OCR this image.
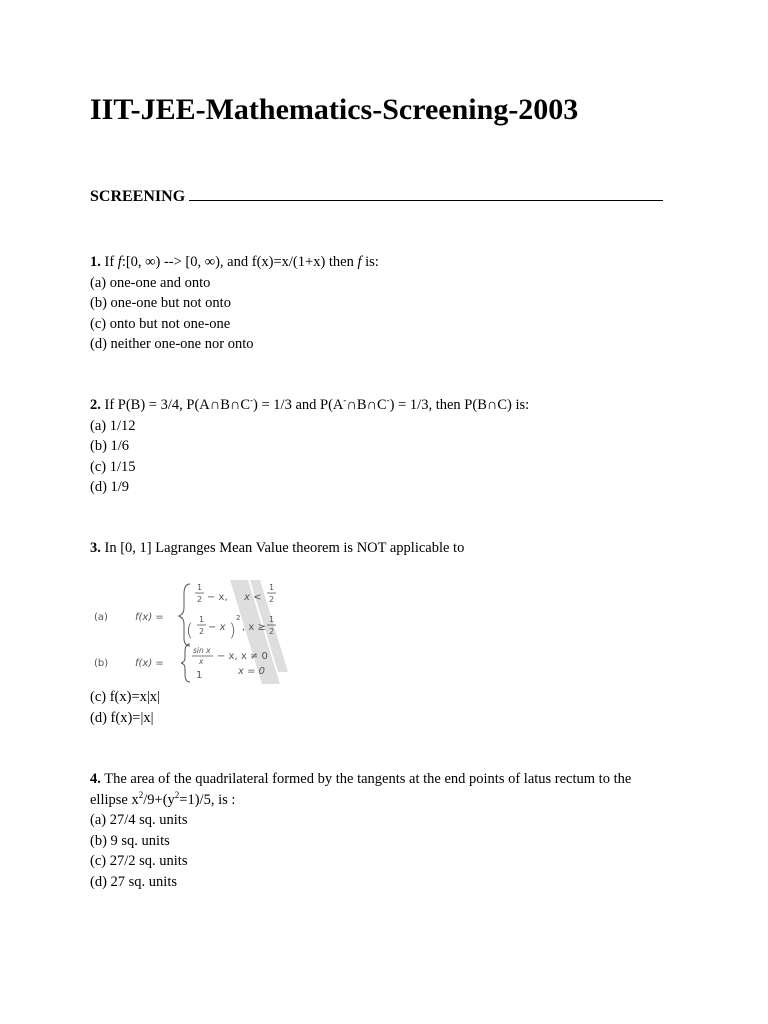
IIT-JEE-Mathematics-Screening-2003
SCREENING
1. If f:[0, ∞) --> [0, ∞), and f(x)=x/(1+x) then f is:
(a) one-one and onto
(b) one-one but not onto
(c) onto but not one-one
(d) neither one-one nor onto
2. If P(B) = 3/4, P(A∩B∩C-) = 1/3 and P(A-∩B∩C-) = 1/3, then P(B∩C) is:
(a) 1/12
(b) 1/6
(c) 1/15
(d) 1/9
3. In [0, 1] Lagranges Mean Value theorem is NOT applicable to
(a)	f(x) =
1
2 − x, x <
1
2
(
1
2 − x )
2
, x ≥
1
2
(b)	f(x) =
sin x
x − x, x ≠ 0
1	x = 0
(c) f(x)=x|x|
(d) f(x)=|x|
4. The area of the quadrilateral formed by the tangents at the end points of latus rectum to the
ellipse $x^2/9+(y^2=1)/5$, is :
(a) 27/4 sq. units
(b) 9 sq. units
(c) 27/2 sq. units
(d) 27 sq. units
